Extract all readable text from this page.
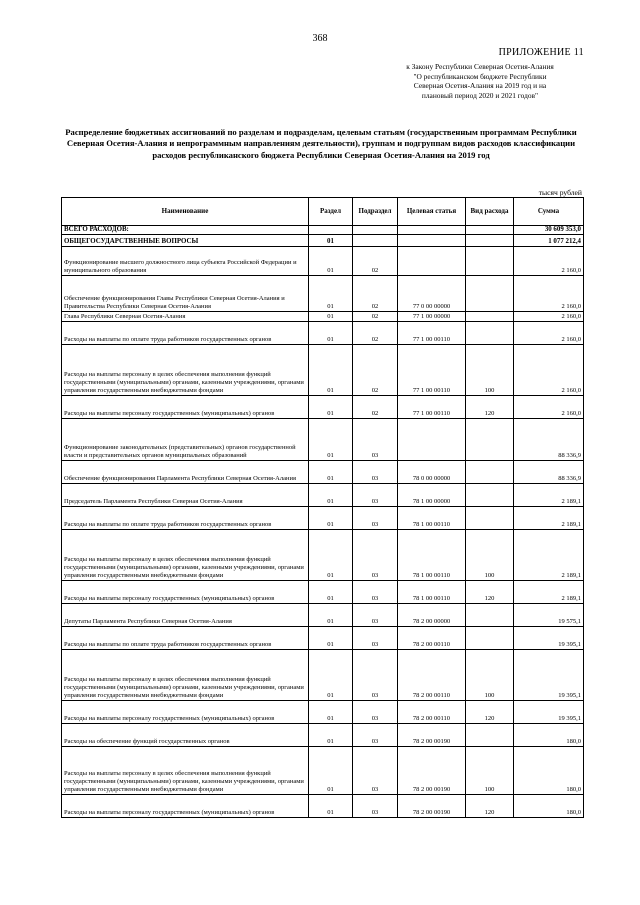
368
ПРИЛОЖЕНИЕ 11
к Закону Республики Северная Осетия-Алания
"О республиканском бюджете Республики
Северная Осетия-Алания на 2019 год и на
плановый период 2020 и 2021 годов"
Распределение бюджетных ассигнований по разделам и подразделам, целевым статьям (государственным программам Республики Северная Осетия-Алания и непрограммным направлениям деятельности), группам и подгруппам видов расходов классификации расходов республиканского бюджета Республики Северная Осетия-Алания на 2019 год
тысяч рублей
Наименование	Раздел	Подраздел	Целевая статья	Вид расхода	Сумма
ВСЕГО РАСХОДОВ:					30 609 353,0
ОБЩЕГОСУДАРСТВЕННЫЕ ВОПРОСЫ	01				1 077 212,4
Функционирование высшего должностного лица субъекта Российской Федерации и муниципального образования	01	02			2 160,0
Обеспечение функционирования Главы Республики Северная Осетия-Алания и Правительства Республики Северная Осетия-Алания	01	02	77 0 00 00000		2 160,0
Глава Республики Северная Осетия-Алания	01	02	77 1 00 00000		2 160,0
Расходы на выплаты по оплате труда работников государственных органов	01	02	77 1 00 00110		2 160,0
Расходы на выплаты персоналу в целях обеспечения выполнения функций государственными (муниципальными) органами, казенными учреждениями, органами управления государственными внебюджетными фондами	01	02	77 1 00 00110	100	2 160,0
Расходы на выплаты персоналу государственных (муниципальных) органов	01	02	77 1 00 00110	120	2 160,0
Функционирование законодательных (представительных) органов государственной власти и представительных органов муниципальных образований	01	03			88 336,9
Обеспечение функционирования Парламента Республики Северная Осетия-Алания	01	03	78 0 00 00000		88 336,9
Председатель Парламента Республики Северная Осетия-Алания	01	03	78 1 00 00000		2 189,1
Расходы на выплаты по оплате труда работников государственных органов	01	03	78 1 00 00110		2 189,1
Расходы на выплаты персоналу в целях обеспечения выполнения функций государственными (муниципальными) органами, казенными учреждениями, органами управления государственными внебюджетными фондами	01	03	78 1 00 00110	100	2 189,1
Расходы на выплаты персоналу государственных (муниципальных) органов	01	03	78 1 00 00110	120	2 189,1
Депутаты Парламента Республики Северная Осетия-Алания	01	03	78 2 00 00000		19 575,1
Расходы на выплаты по оплате труда работников государственных органов	01	03	78 2 00 00110		19 395,1
Расходы на выплаты персоналу в целях обеспечения выполнения функций государственными (муниципальными) органами, казенными учреждениями, органами управления государственными внебюджетными фондами	01	03	78 2 00 00110	100	19 395,1
Расходы на выплаты персоналу государственных (муниципальных) органов	01	03	78 2 00 00110	120	19 395,1
Расходы на обеспечение функций государственных органов	01	03	78 2 00 00190		180,0
Расходы на выплаты персоналу в целях обеспечения выполнения функций государственными (муниципальными) органами, казенными учреждениями, органами управления государственными внебюджетными фондами	01	03	78 2 00 00190	100	180,0
Расходы на выплаты персоналу государственных (муниципальных) органов	01	03	78 2 00 00190	120	180,0
